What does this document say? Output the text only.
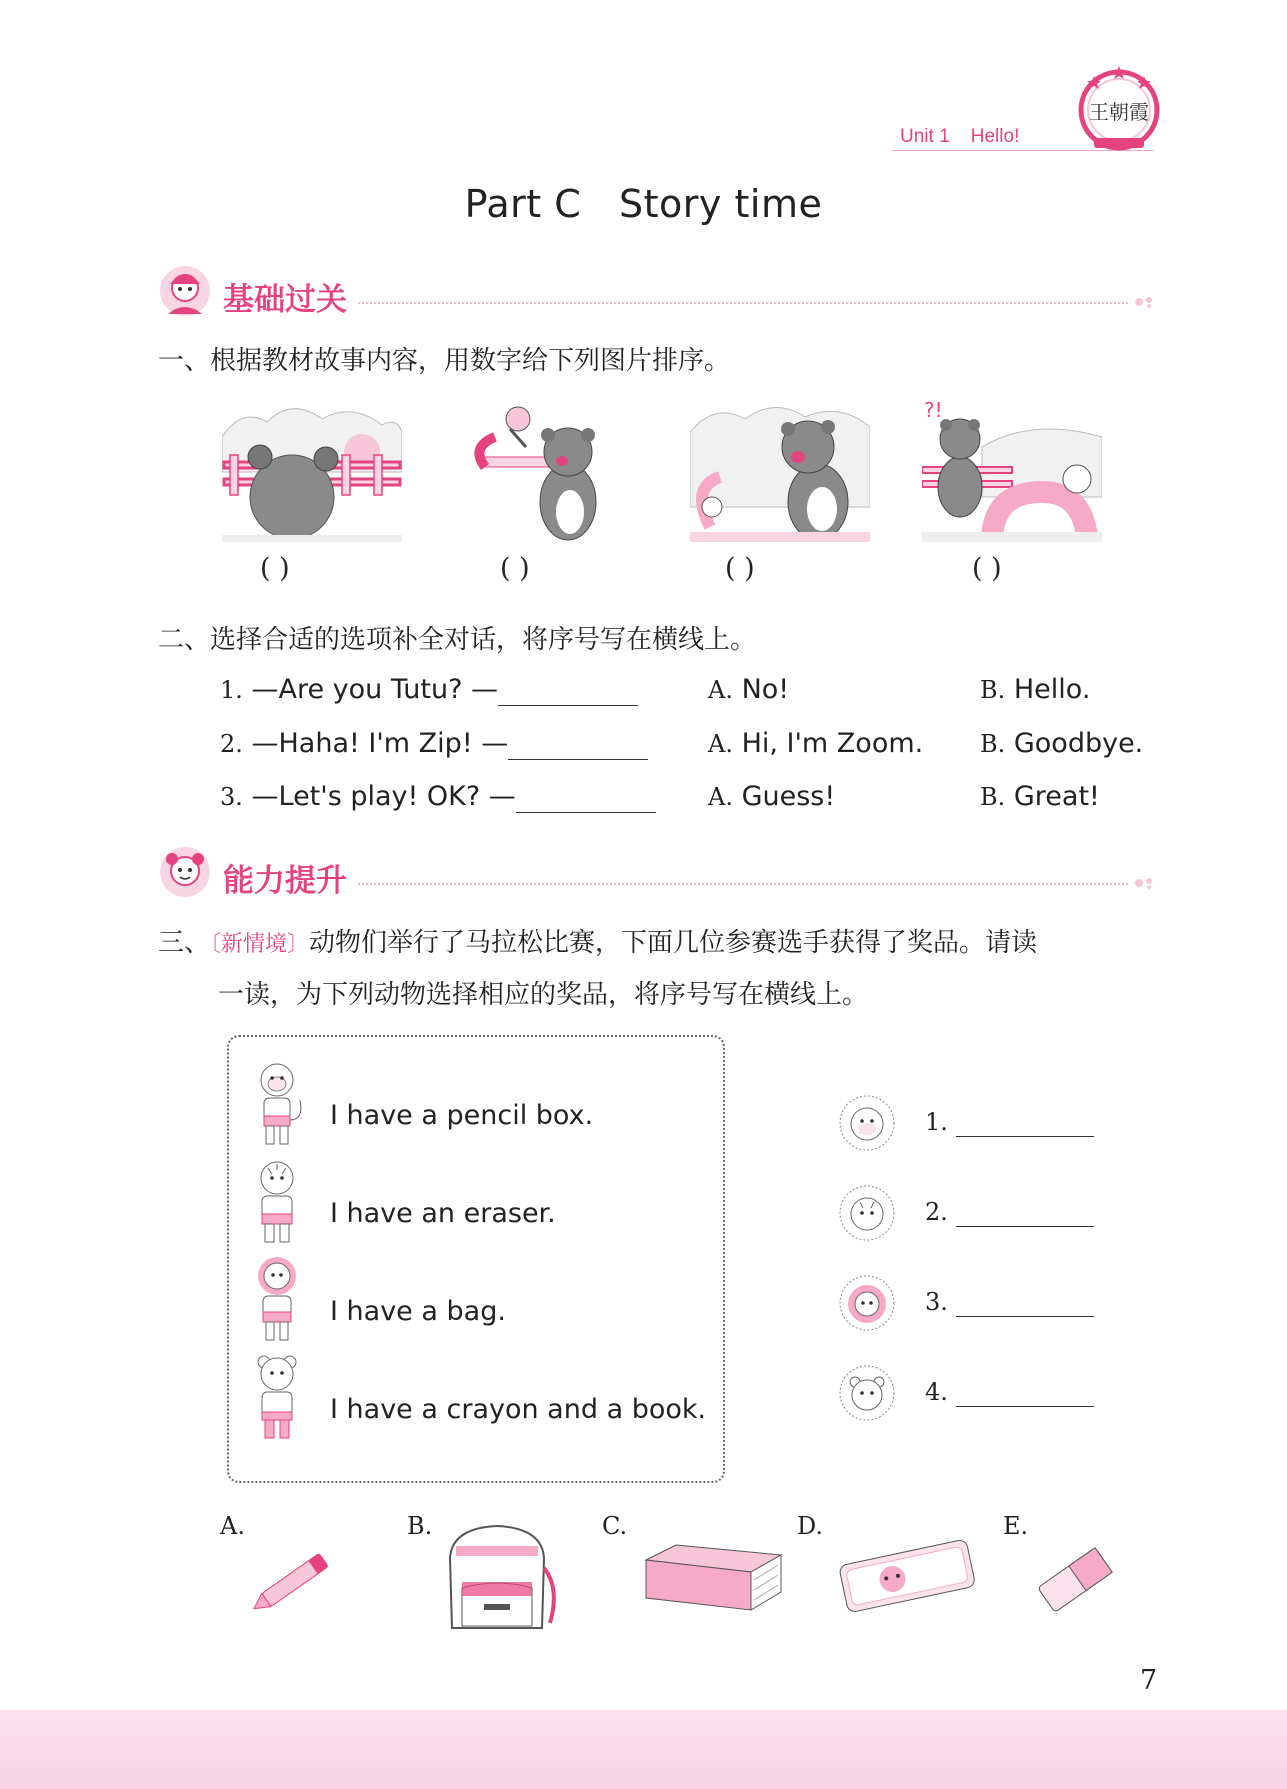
Unit 1 Hello!
王朝霞
Part C   Story time
基础过关
一、根据教材故事内容，用数字给下列图片排序。
?!
( )	( )	( )	( )
二、选择合适的选项补全对话，将序号写在横线上。
1. —Are you Tutu? —	A. No!	B. Hello.
2. —Haha! I'm Zip! —	A. Hi, I'm Zoom. B. Goodbye.
3. —Let's play! OK? —	A. Guess!	B. Great!
能力提升
三、〔新情境〕动物们举行了马拉松比赛，下面几位参赛选手获得了奖品。请读
一读，为下列动物选择相应的奖品，将序号写在横线上。
I have a pencil box.
I have an eraser.
I have a bag.
I have a crayon and a book.
1.
2.
3.
4.
A.	B.	C.	D.	E.
7
